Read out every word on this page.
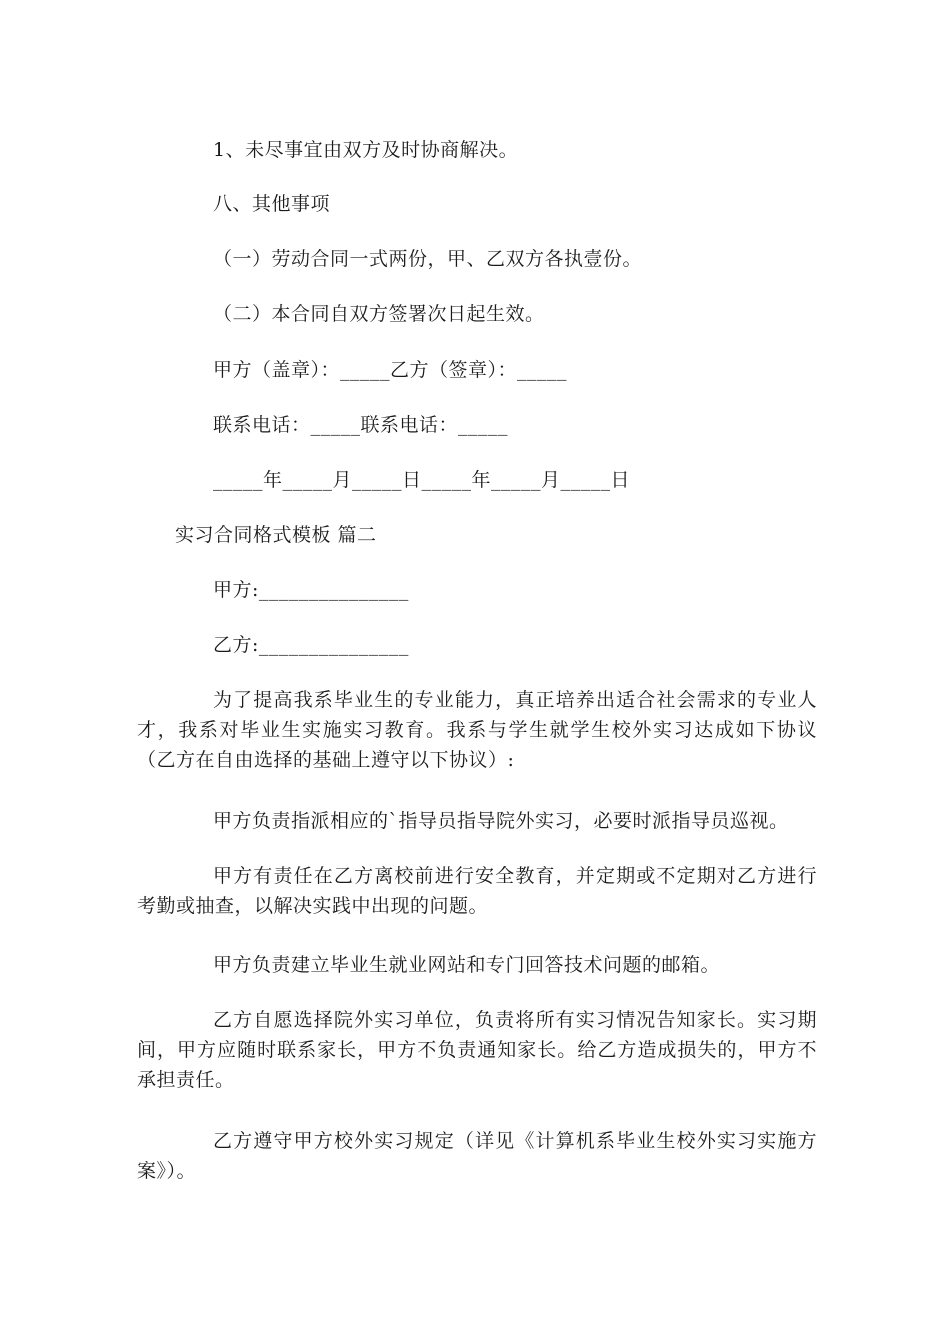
1、未尽事宜由双方及时协商解决。
八、其他事项
（一）劳动合同一式两份，甲、乙双方各执壹份。
（二）本合同自双方签署次日起生效。
甲方（盖章）：_____乙方（签章）：_____
联系电话：_____联系电话：_____
_____年_____月_____日_____年_____月_____日
实习合同格式模板 篇二
甲方:_______________
乙方:_______________
为了提高我系毕业生的专业能力，真正培养出适合社会需求的专业人才，我系对毕业生实施实习教育。我系与学生就学生校外实习达成如下协议（乙方在自由选择的基础上遵守以下协议）:
甲方负责指派相应的`指导员指导院外实习，必要时派指导员巡视。
甲方有责任在乙方离校前进行安全教育，并定期或不定期对乙方进行考勤或抽查，以解决实践中出现的问题。
甲方负责建立毕业生就业网站和专门回答技术问题的邮箱。
乙方自愿选择院外实习单位，负责将所有实习情况告知家长。实习期间，甲方应随时联系家长，甲方不负责通知家长。给乙方造成损失的，甲方不承担责任。
乙方遵守甲方校外实习规定（详见《计算机系毕业生校外实习实施方案》）。
